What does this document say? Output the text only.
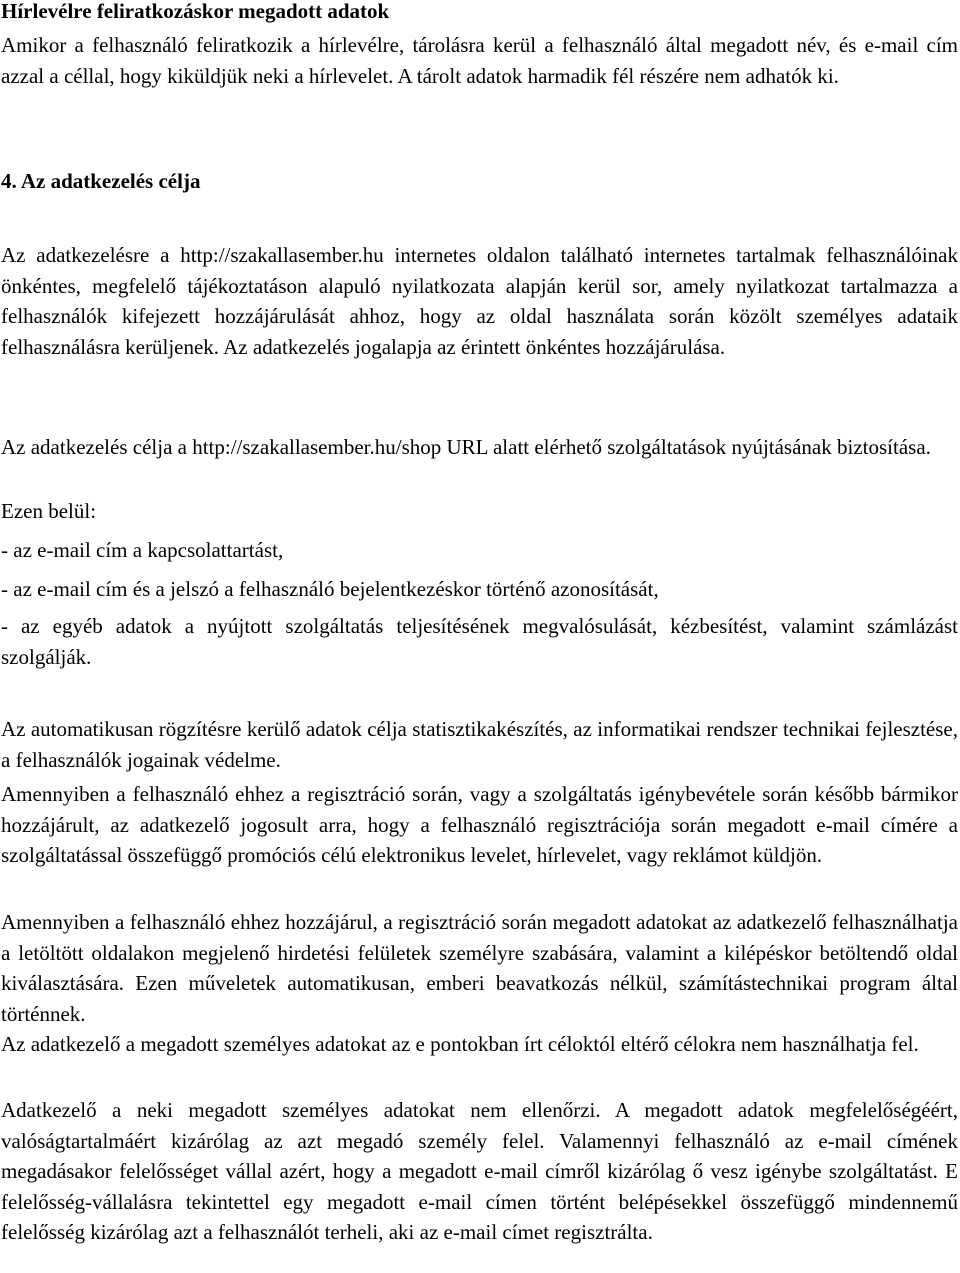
Hírlevélre feliratkozáskor megadott adatok

Amikor a felhasználó feliratkozik a hírlevélre, tárolásra kerül a felhasználó által megadott név, és e-mail cím azzal a céllal, hogy kiküldjük neki a hírlevelet. A tárolt adatok harmadik fél részére nem adhatók ki.

4. Az adatkezelés célja

Az adatkezelésre a http://szakallasember.hu internetes oldalon található internetes tartalmak felhasználóinak önkéntes, megfelelő tájékoztatáson alapuló nyilatkozata alapján kerül sor, amely nyilatkozat tartalmazza a felhasználók kifejezett hozzájárulását ahhoz, hogy az oldal használata során közölt személyes adataik felhasználásra kerüljenek. Az adatkezelés jogalapja az érintett önkéntes hozzájárulása.

Az adatkezelés célja a http://szakallasember.hu/shop URL alatt elérhető szolgáltatások nyújtásának biztosítása.

Ezen belül:

- az e-mail cím a kapcsolattartást,

- az e-mail cím és a jelszó a felhasználó bejelentkezéskor történő azonosítását,

- az egyéb adatok a nyújtott szolgáltatás teljesítésének megvalósulását, kézbesítést, valamint számlázást szolgálják.

Az automatikusan rögzítésre kerülő adatok célja statisztikakészítés, az informatikai rendszer technikai fejlesztése, a felhasználók jogainak védelme.

Amennyiben a felhasználó ehhez a regisztráció során, vagy a szolgáltatás igénybevétele során később bármikor hozzájárult, az adatkezelő jogosult arra, hogy a felhasználó regisztrációja során megadott e-mail címére a szolgáltatással összefüggő promóciós célú elektronikus levelet, hírlevelet, vagy reklámot küldjön.

Amennyiben a felhasználó ehhez hozzájárul, a regisztráció során megadott adatokat az adatkezelő felhasználhatja a letöltött oldalakon megjelenő hirdetési felületek személyre szabására, valamint a kilépéskor betöltendő oldal kiválasztására. Ezen műveletek automatikusan, emberi beavatkozás nélkül, számítástechnikai program által történnek.

Az adatkezelő a megadott személyes adatokat az e pontokban írt céloktól eltérő célokra nem használhatja fel.

Adatkezelő a neki megadott személyes adatokat nem ellenőrzi. A megadott adatok megfelelőségéért, valóságtartalmáért kizárólag az azt megadó személy felel. Valamennyi felhasználó az e-mail címének megadásakor felelősséget vállal azért, hogy a megadott e-mail címről kizárólag ő vesz igénybe szolgáltatást. E felelősség-vállalásra tekintettel egy megadott e-mail címen történt belépésekkel összefüggő mindennemű felelősség kizárólag azt a felhasználót terheli, aki az e-mail címet regisztrálta.
